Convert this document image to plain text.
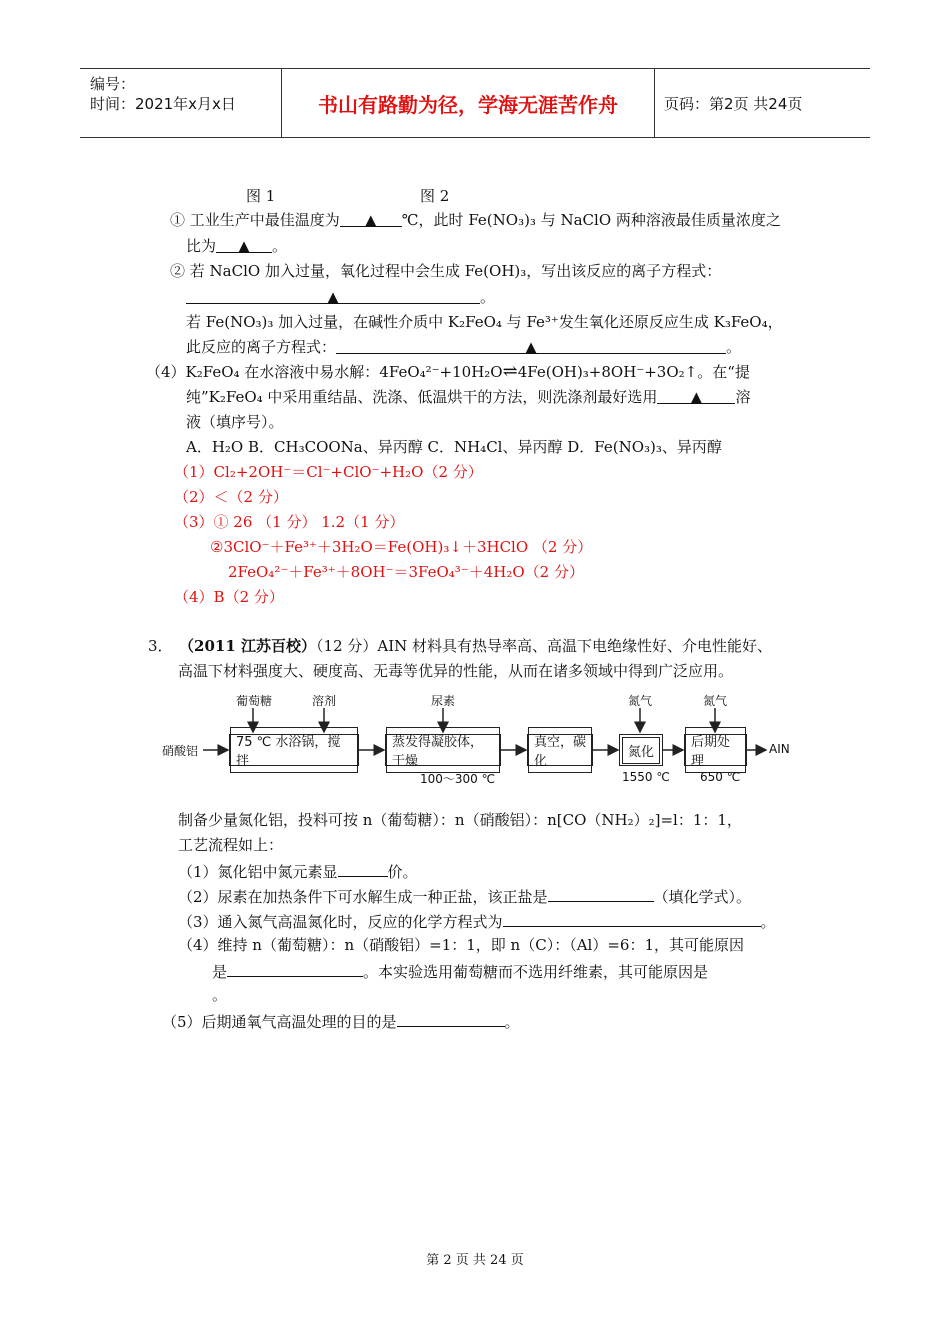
编号：
时间：2021年x月x日	书山有路勤为径，学海无涯苦作舟	页码：第2页 共24页
图 1	图 2
① 工业生产中最佳温度为 ▲ ℃，此时 Fe(NO₃)₃ 与 NaClO 两种溶液最佳质量浓度之
比为 ▲ 。
② 若 NaClO 加入过量，氧化过程中会生成 Fe(OH)₃，写出该反应的离子方程式：
▲	。
若 Fe(NO₃)₃ 加入过量，在碱性介质中 K₂FeO₄ 与 Fe³⁺发生氧化还原反应生成 K₃FeO₄，
此反应的离子方程式：	▲	。
（4）K₂FeO₄ 在水溶液中易水解：4FeO₄²⁻+10H₂O⇌4Fe(OH)₃+8OH⁻+3O₂↑。在“提
纯”K₂FeO₄ 中采用重结晶、洗涤、低温烘干的方法，则洗涤剂最好选用 ▲ 溶
液（填序号）。
A．H₂O B．CH₃COONa、异丙醇 C．NH₄Cl、异丙醇 D．Fe(NO₃)₃、异丙醇
（1）Cl₂+2OH⁻＝Cl⁻+ClO⁻+H₂O（2 分）
（2）＜（2 分）
（3）① 26 （1 分） 1.2（1 分）
②3ClO⁻＋Fe³⁺＋3H₂O＝Fe(OH)₃↓＋3HClO （2 分）
2FeO₄²⁻＋Fe³⁺＋8OH⁻＝3FeO₄³⁻＋4H₂O（2 分）
（4）B（2 分）
3． （2011 江苏百校）（12 分）AIN 材料具有热导率高、高温下电绝缘性好、介电性能好、
高温下材料强度大、硬度高、无毒等优异的性能，从而在诸多领域中得到广泛应用。
硝酸铝
葡萄糖	溶剂	尿素	氮气	氮气
75 ℃ 水浴锅，搅拌
蒸发得凝胶体，干燥
真空，碳化
氮化
后期处理
AIN
100～300 ℃	1550 ℃	650 ℃
制备少量氮化铝，投料可按 n（葡萄糖）：n（硝酸铝）：n[CO（NH₂）₂]=l：1：1，
工艺流程如上：
（1）氮化铝中氮元素显	价。
（2）尿素在加热条件下可水解生成一种正盐，该正盐是	（填化学式）。
（3）通入氮气高温氮化时，反应的化学方程式为	。
（4）维持 n（葡萄糖）：n（硝酸铝）=1：1，即 n（C）：（Al）=6：1，其可能原因
是	。本实验选用葡萄糖而不选用纤维素，其可能原因是
。
（5）后期通氧气高温处理的目的是	。
第 2 页 共 24 页
